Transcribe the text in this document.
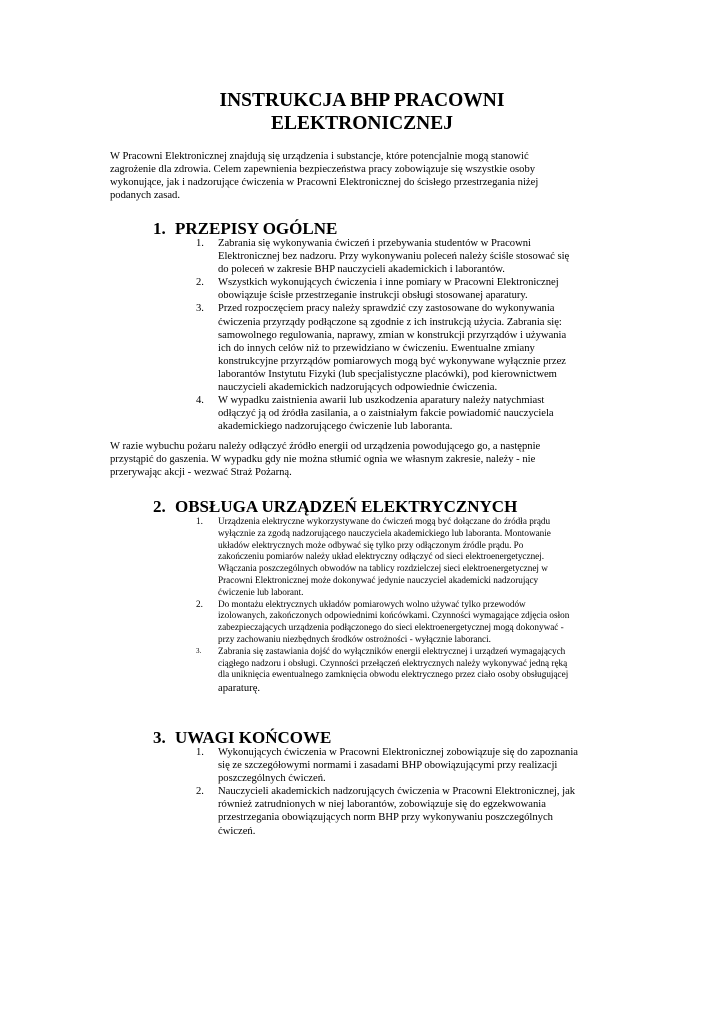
INSTRUKCJA BHP PRACOWNI
ELEKTRONICZNEJ
W Pracowni Elektronicznej znajdują się urządzenia i substancje, które potencjalnie mogą stanowić
zagrożenie dla zdrowia. Celem zapewnienia bezpieczeństwa pracy zobowiązuje się wszystkie osoby
wykonujące, jak i nadzorujące ćwiczenia w Pracowni Elektronicznej do ścisłego przestrzegania niżej
podanych zasad.
1. PRZEPISY OGÓLNE
1. Zabrania się wykonywania ćwiczeń i przebywania studentów w Pracowni
Elektronicznej bez nadzoru. Przy wykonywaniu poleceń należy ściśle stosować się
do poleceń w zakresie BHP nauczycieli akademickich i laborantów.
2. Wszystkich wykonujących ćwiczenia i inne pomiary w Pracowni Elektronicznej
obowiązuje ścisłe przestrzeganie instrukcji obsługi stosowanej aparatury.
3. Przed rozpoczęciem pracy należy sprawdzić czy zastosowane do wykonywania
ćwiczenia przyrządy podłączone są zgodnie z ich instrukcją użycia. Zabrania się:
samowolnego regulowania, naprawy, zmian w konstrukcji przyrządów i używania
ich do innych celów niż to przewidziano w ćwiczeniu. Ewentualne zmiany
konstrukcyjne przyrządów pomiarowych mogą być wykonywane wyłącznie przez
laborantów Instytutu Fizyki (lub specjalistyczne placówki), pod kierownictwem
nauczycieli akademickich nadzorujących odpowiednie ćwiczenia.
4. W wypadku zaistnienia awarii lub uszkodzenia aparatury należy natychmiast
odłączyć ją od źródła zasilania, a o zaistniałym fakcie powiadomić nauczyciela
akademickiego nadzorującego ćwiczenie lub laboranta.
W razie wybuchu pożaru należy odłączyć źródło energii od urządzenia powodującego go, a następnie
przystąpić do gaszenia. W wypadku gdy nie można stłumić ognia we własnym zakresie, należy - nie
przerywając akcji - wezwać Straż Pożarną.
2. OBSŁUGA URZĄDZEŃ ELEKTRYCZNYCH
1. Urządzenia elektryczne wykorzystywane do ćwiczeń mogą być dołączane do źródła prądu
wyłącznie za zgodą nadzorującego nauczyciela akademickiego lub laboranta. Montowanie
układów elektrycznych może odbywać się tylko przy odłączonym źródle prądu. Po
zakończeniu pomiarów należy układ elektryczny odłączyć od sieci elektroenergetycznej.
Włączania poszczególnych obwodów na tablicy rozdzielczej sieci elektroenergetycznej w
Pracowni Elektronicznej może dokonywać jedynie nauczyciel akademicki nadzorujący
ćwiczenie lub laborant.
2. Do montażu elektrycznych układów pomiarowych wolno używać tylko przewodów
izolowanych, zakończonych odpowiednimi końcówkami. Czynności wymagające zdjęcia osłon
zabezpieczających urządzenia podłączonego do sieci elektroenergetycznej mogą dokonywać -
przy zachowaniu niezbędnych środków ostrożności - wyłącznie laboranci.
3. Zabrania się zastawiania dojść do wyłączników energii elektrycznej i urządzeń wymagających
ciągłego nadzoru i obsługi. Czynności przełączeń elektrycznych należy wykonywać jedną ręką
dla uniknięcia ewentualnego zamknięcia obwodu elektrycznego przez ciało osoby obsługującej
aparaturę.
3. UWAGI KOŃCOWE
1. Wykonujących ćwiczenia w Pracowni Elektronicznej zobowiązuje się do zapoznania
się ze szczegółowymi normami i zasadami BHP obowiązującymi przy realizacji
poszczególnych ćwiczeń.
2. Nauczycieli akademickich nadzorujących ćwiczenia w Pracowni Elektronicznej, jak
również zatrudnionych w niej laborantów, zobowiązuje się do egzekwowania
przestrzegania obowiązujących norm BHP przy wykonywaniu poszczególnych
ćwiczeń.
